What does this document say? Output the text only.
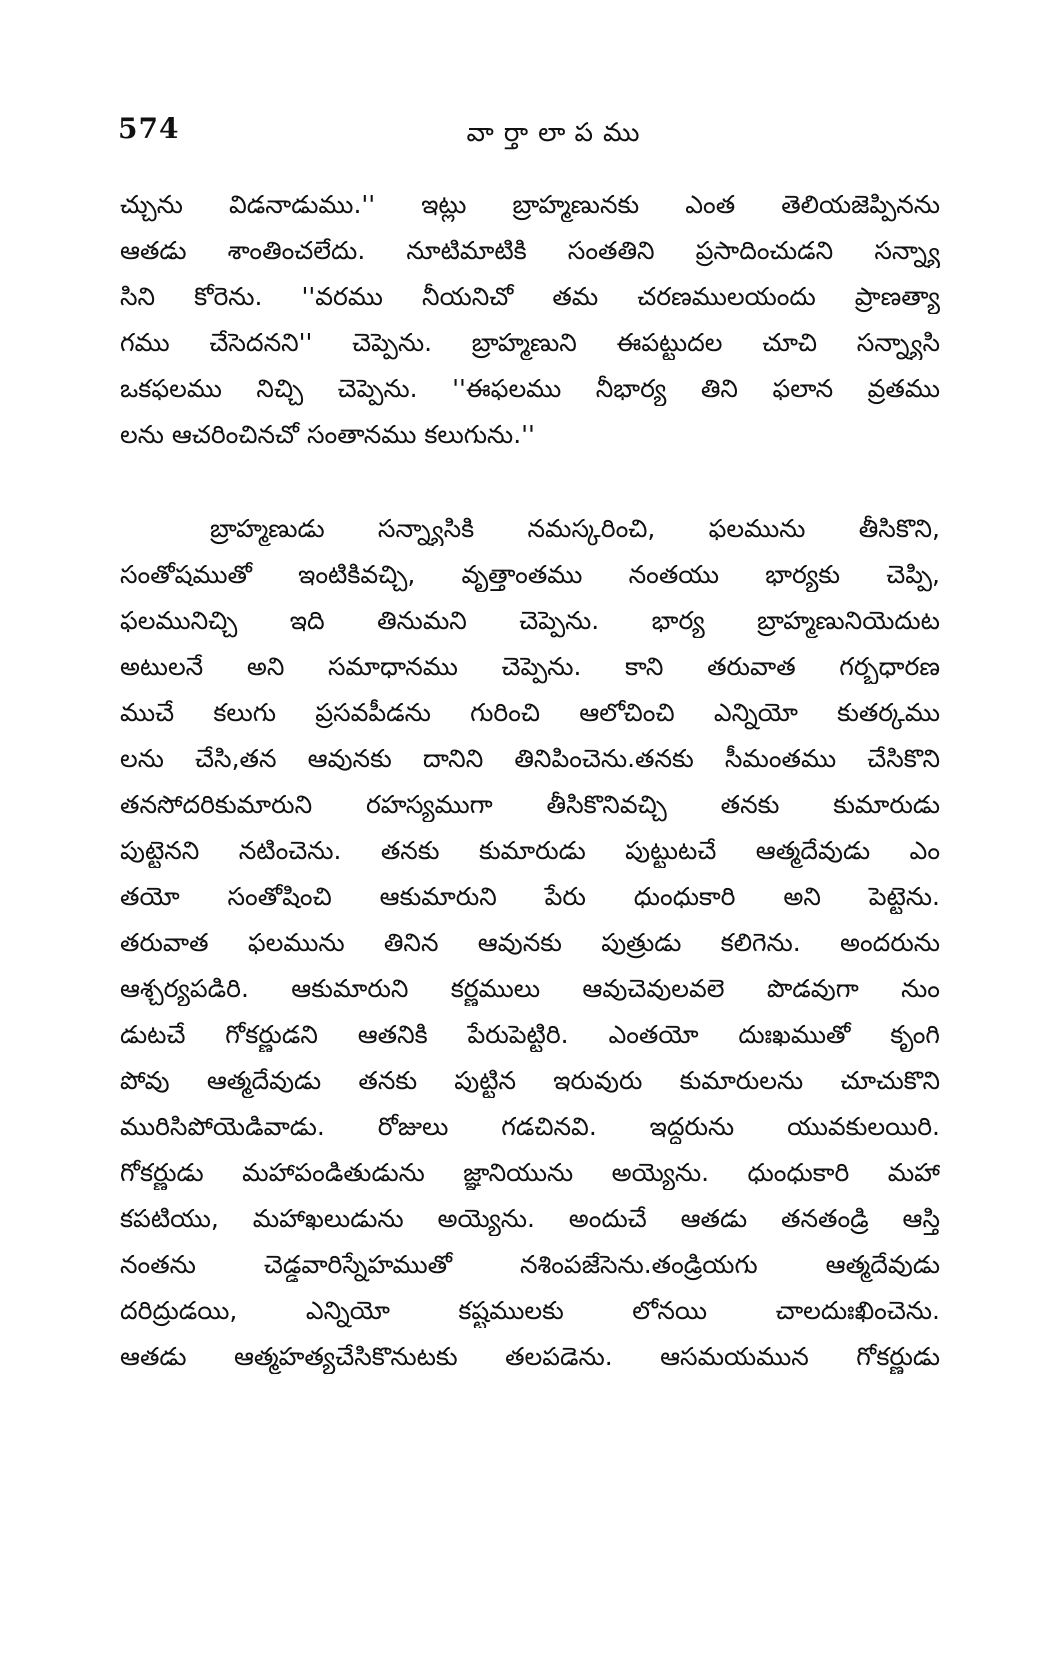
574	వార్తాలాపము
చ్చును విడనాడుము.'' ఇట్లు బ్రాహ్మణునకు ఎంత తెలియజెప్పినను
ఆతడు శాంతించలేదు. నూటిమాటికి సంతతిని ప్రసాదించుడని సన్న్యా
సిని కోరెను. ''వరము నీయనిచో తమ చరణములయందు ప్రాణత్యా
గము చేసెదనని'' చెప్పెను. బ్రాహ్మణుని ఈపట్టుదల చూచి సన్న్యాసి
ఒకఫలము నిచ్చి చెప్పెను. ''ఈఫలము నీభార్య తిని ఫలాన వ్రతము
లను ఆచరించినచో సంతానము కలుగును.''
బ్రాహ్మణుడు సన్న్యాసికి నమస్కరించి, ఫలమును తీసికొని,
సంతోషముతో ఇంటికివచ్చి, వృత్తాంతము నంతయు భార్యకు చెప్పి,
ఫలమునిచ్చి ఇది తినుమని చెప్పెను. భార్య బ్రాహ్మణునియెదుట
అటులనే అని సమాధానము చెప్పెను. కాని తరువాత గర్భధారణ
ముచే కలుగు ప్రసవపీడను గురించి ఆలోచించి ఎన్నియో కుతర్కము
లను చేసి,తన ఆవునకు దానిని తినిపించెను.తనకు సీమంతము చేసికొని
తనసోదరికుమారుని రహస్యముగా తీసికొనివచ్చి తనకు కుమారుడు
పుట్టెనని నటించెను. తనకు కుమారుడు పుట్టుటచే ఆత్మదేవుడు ఎం
తయో సంతోషించి ఆకుమారుని పేరు ధుంధుకారి అని పెట్టెను.
తరువాత ఫలమును తినిన ఆవునకు పుత్రుడు కలిగెను. అందరును
ఆశ్చర్యపడిరి. ఆకుమారుని కర్ణములు ఆవుచెవులవలె పొడవుగా నుం
డుటచే గోకర్ణుడని ఆతనికి పేరుపెట్టిరి. ఎంతయో దుఃఖముతో కృంగి
పోవు ఆత్మదేవుడు తనకు పుట్టిన ఇరువురు కుమారులను చూచుకొని
మురిసిపోయెడివాడు. రోజులు గడచినవి. ఇద్దరును యువకులయిరి.
గోకర్ణుడు మహాపండితుడును జ్ఞానియును అయ్యెను. ధుంధుకారి మహా
కపటియు, మహాఖలుడును అయ్యెను. అందుచే ఆతడు తనతండ్రి ఆస్తి
నంతను చెడ్డవారిస్నేహముతో నశింపజేసెను.తండ్రియగు ఆత్మదేవుడు
దరిద్రుడయి, ఎన్నియో కష్టములకు లోనయి చాలదుఃఖించెను.
ఆతడు ఆత్మహత్యచేసికొనుటకు తలపడెను. ఆసమయమున గోకర్ణుడు
